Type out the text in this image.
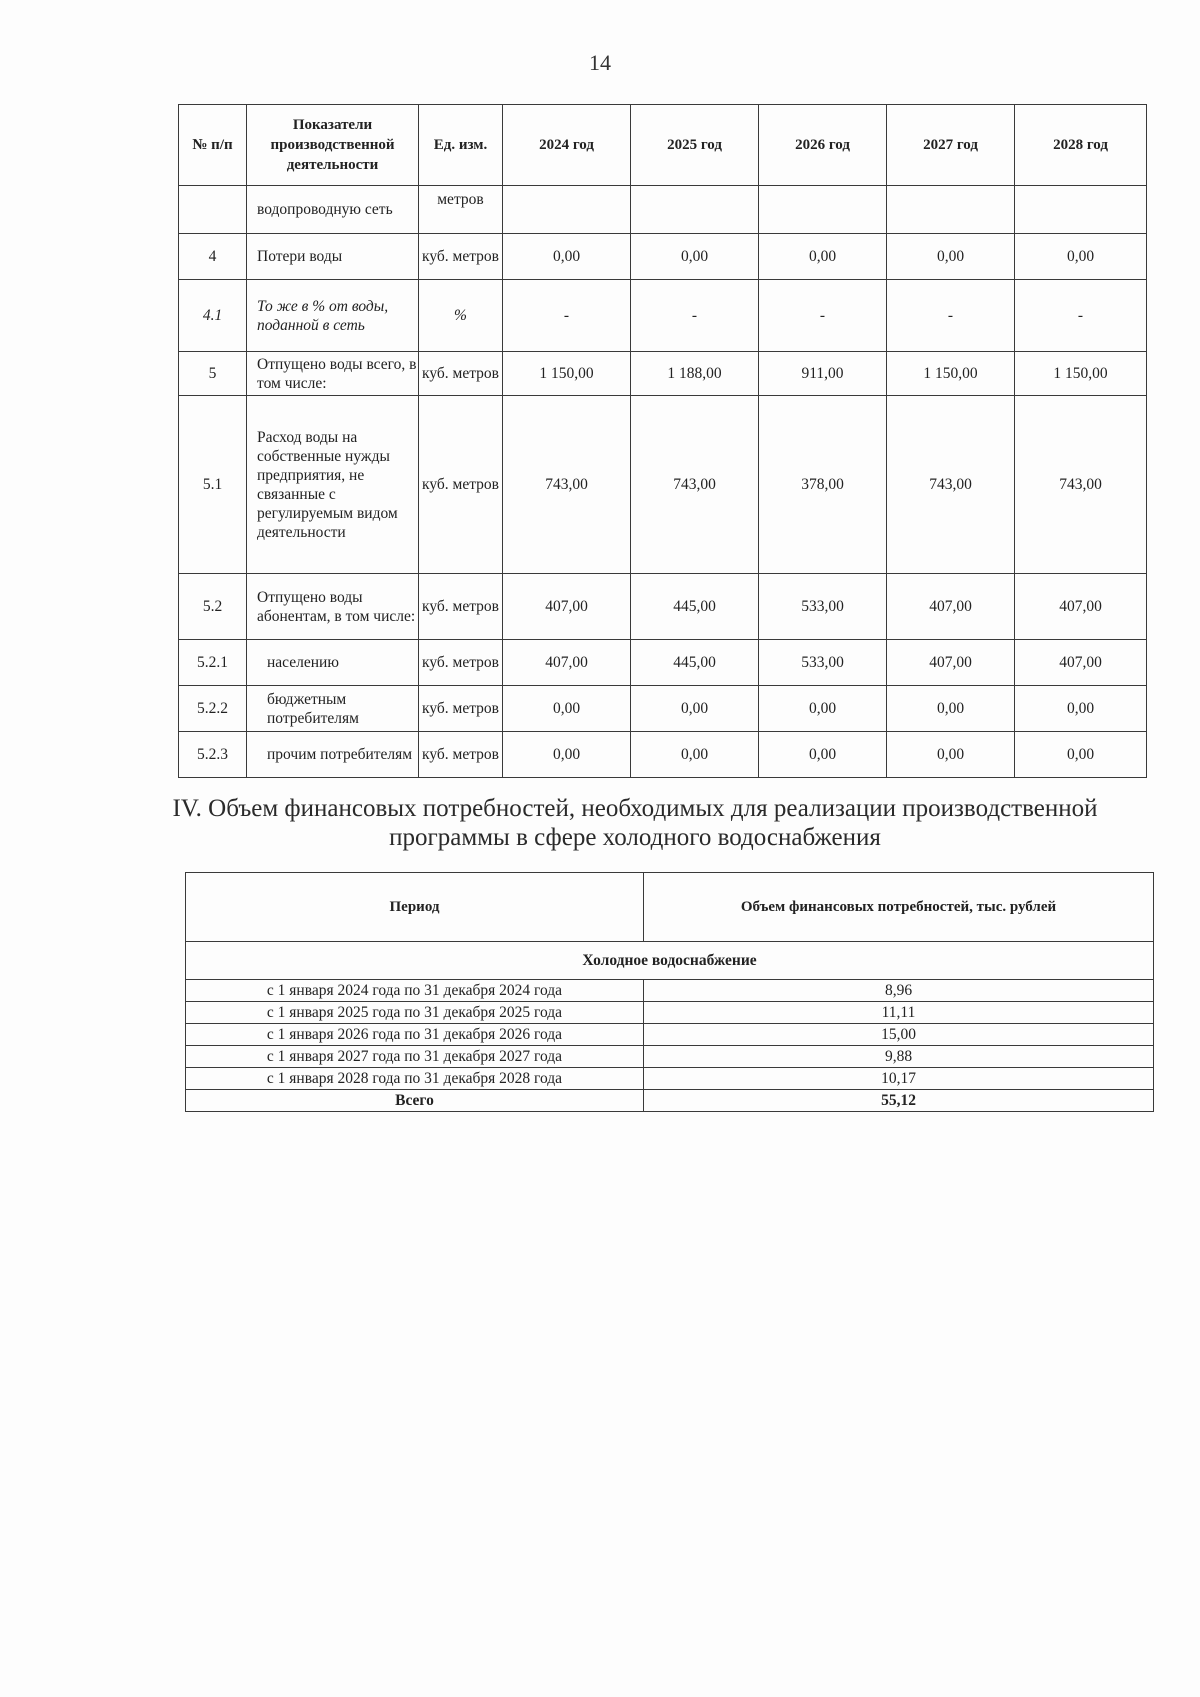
14
№ п/п	Показатели производственной деятельности	Ед. изм.	2024 год	2025 год	2026 год	2027 год	2028 год
	водопроводную сеть	метров					
4	Потери воды	куб. метров	0,00	0,00	0,00	0,00	0,00
4.1	То же в % от воды, поданной в сеть	%	-	-	-	-	-
5	Отпущено воды всего, в том числе:	куб. метров	1 150,00	1 188,00	911,00	1 150,00	1 150,00
5.1	Расход воды на собственные нужды предприятия, не связанные с регулируемым видом деятельности	куб. метров	743,00	743,00	378,00	743,00	743,00
5.2	Отпущено воды абонентам, в том числе:	куб. метров	407,00	445,00	533,00	407,00	407,00
5.2.1	населению	куб. метров	407,00	445,00	533,00	407,00	407,00
5.2.2	бюджетным потребителям	куб. метров	0,00	0,00	0,00	0,00	0,00
5.2.3	прочим потребителям	куб. метров	0,00	0,00	0,00	0,00	0,00
IV. Объем финансовых потребностей, необходимых для реализации производственной программы в сфере холодного водоснабжения
Период	Объем финансовых потребностей, тыс. рублей
Холодное водоснабжение	
с 1 января 2024 года по 31 декабря 2024 года	8,96
с 1 января 2025 года по 31 декабря 2025 года	11,11
с 1 января 2026 года по 31 декабря 2026 года	15,00
с 1 января 2027 года по 31 декабря 2027 года	9,88
с 1 января 2028 года по 31 декабря 2028 года	10,17
Всего	55,12
